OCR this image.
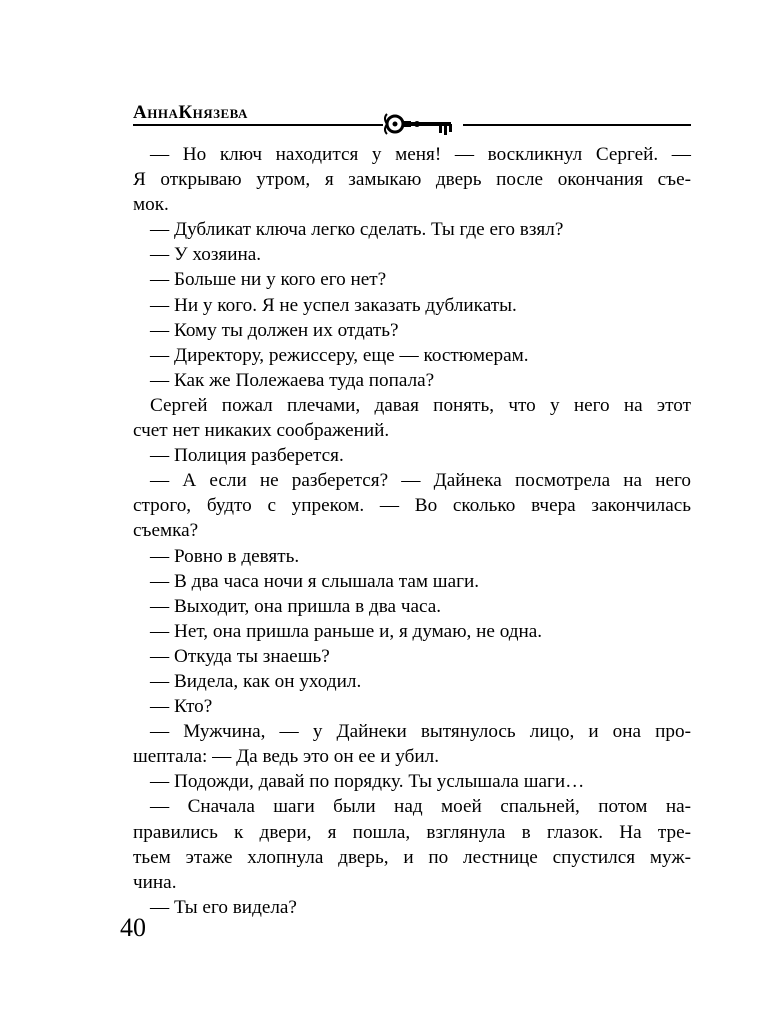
АннаКнязева
— Но ключ находится у меня! — воскликнул Сергей. —
Я открываю утром, я замыкаю дверь после окончания съе-
мок.
— Дубликат ключа легко сделать. Ты где его взял?
— У хозяина.
— Больше ни у кого его нет?
— Ни у кого. Я не успел заказать дубликаты.
— Кому ты должен их отдать?
— Директору, режиссеру, еще — костюмерам.
— Как же Полежаева туда попала?
Сергей пожал плечами, давая понять, что у него на этот
счет нет никаких соображений.
— Полиция разберется.
— А если не разберется? — Дайнека посмотрела на него
строго, будто с упреком. — Во сколько вчера закончилась
съемка?
— Ровно в девять.
— В два часа ночи я слышала там шаги.
— Выходит, она пришла в два часа.
— Нет, она пришла раньше и, я думаю, не одна.
— Откуда ты знаешь?
— Видела, как он уходил.
— Кто?
— Мужчина, — у Дайнеки вытянулось лицо, и она про-
шептала: — Да ведь это он ее и убил.
— Подожди, давай по порядку. Ты услышала шаги…
— Сначала шаги были над моей спальней, потом на-
правились к двери, я пошла, взглянула в глазок. На тре-
тьем этаже хлопнула дверь, и по лестнице спустился муж-
чина.
— Ты его видела?
40
